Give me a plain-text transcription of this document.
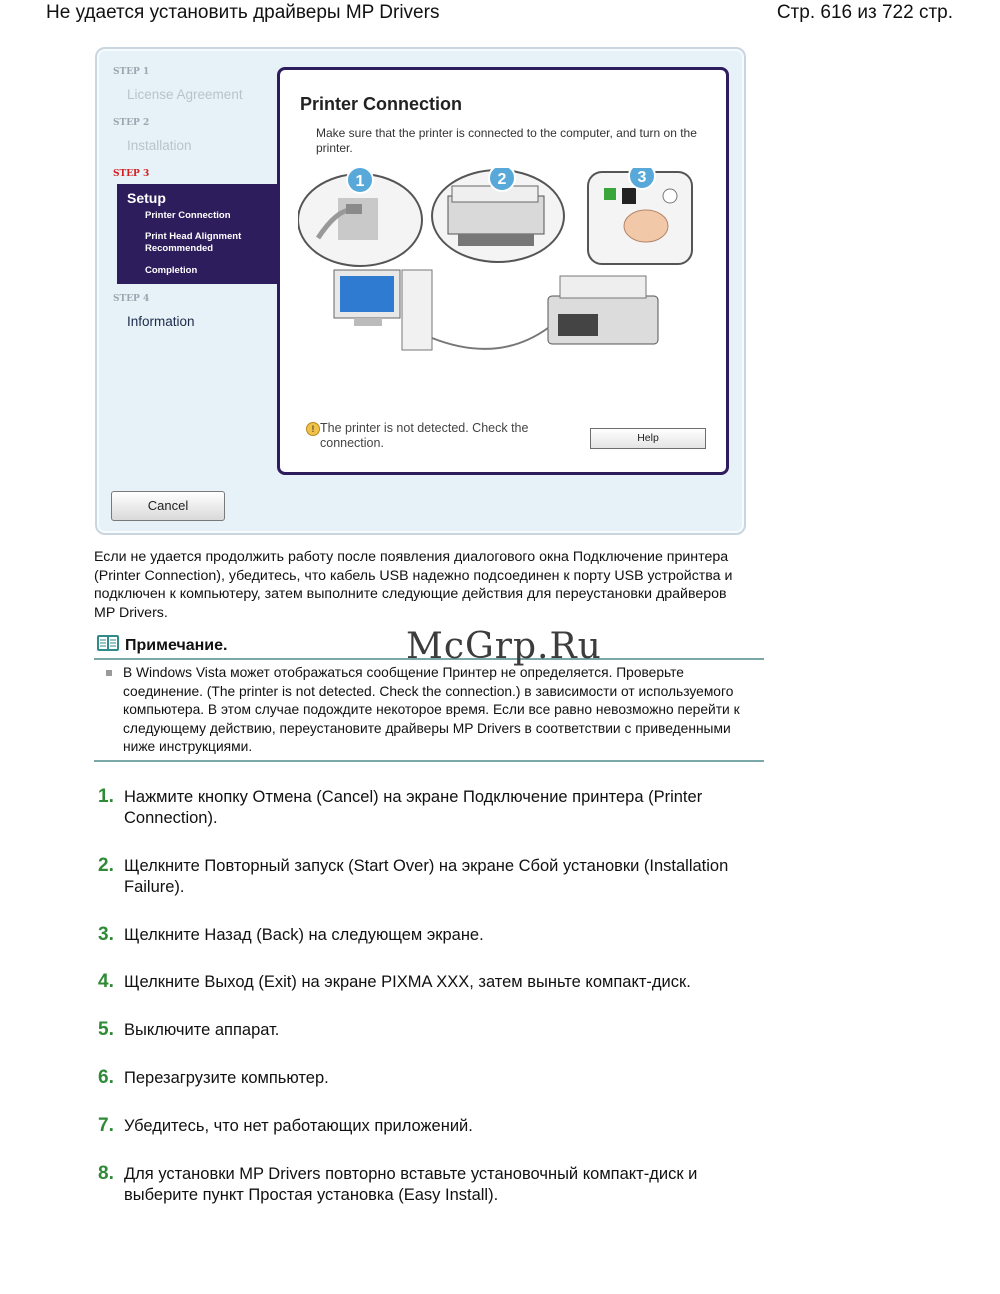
Не удается установить драйверы MP Drivers	Стр. 616 из 722 стр.
STEP 1
License Agreement
STEP 2
Installation
STEP 3
Setup
Printer Connection
Print Head Alignment Recommended
Completion
STEP 4
Information
Printer Connection
Make sure that the printer is connected to the computer, and turn on the printer.
1	2	3
! The printer is not detected. Check the connection.	Help
Cancel
Если не удается продолжить работу после появления диалогового окна Подключение принтера (Printer Connection), убедитесь, что кабель USB надежно подсоединен к порту USB устройства и подключен к компьютеру, затем выполните следующие действия для переустановки драйверов MP Drivers.
Примечание.
В Windows Vista может отображаться сообщение Принтер не определяется. Проверьте соединение. (The printer is not detected. Check the connection.) в зависимости от используемого компьютера. В этом случае подождите некоторое время. Если все равно невозможно перейти к следующему действию, переустановите драйверы MP Drivers в соответствии с приведенными ниже инструкциями.
McGrp.Ru
1. Нажмите кнопку Отмена (Cancel) на экране Подключение принтера (Printer Connection).
2. Щелкните Повторный запуск (Start Over) на экране Сбой установки (Installation Failure).
3. Щелкните Назад (Back) на следующем экране.
4. Щелкните Выход (Exit) на экране PIXMA XXX, затем выньте компакт-диск.
5. Выключите аппарат.
6. Перезагрузите компьютер.
7. Убедитесь, что нет работающих приложений.
8. Для установки MP Drivers повторно вставьте установочный компакт-диск и выберите пункт Простая установка (Easy Install).
